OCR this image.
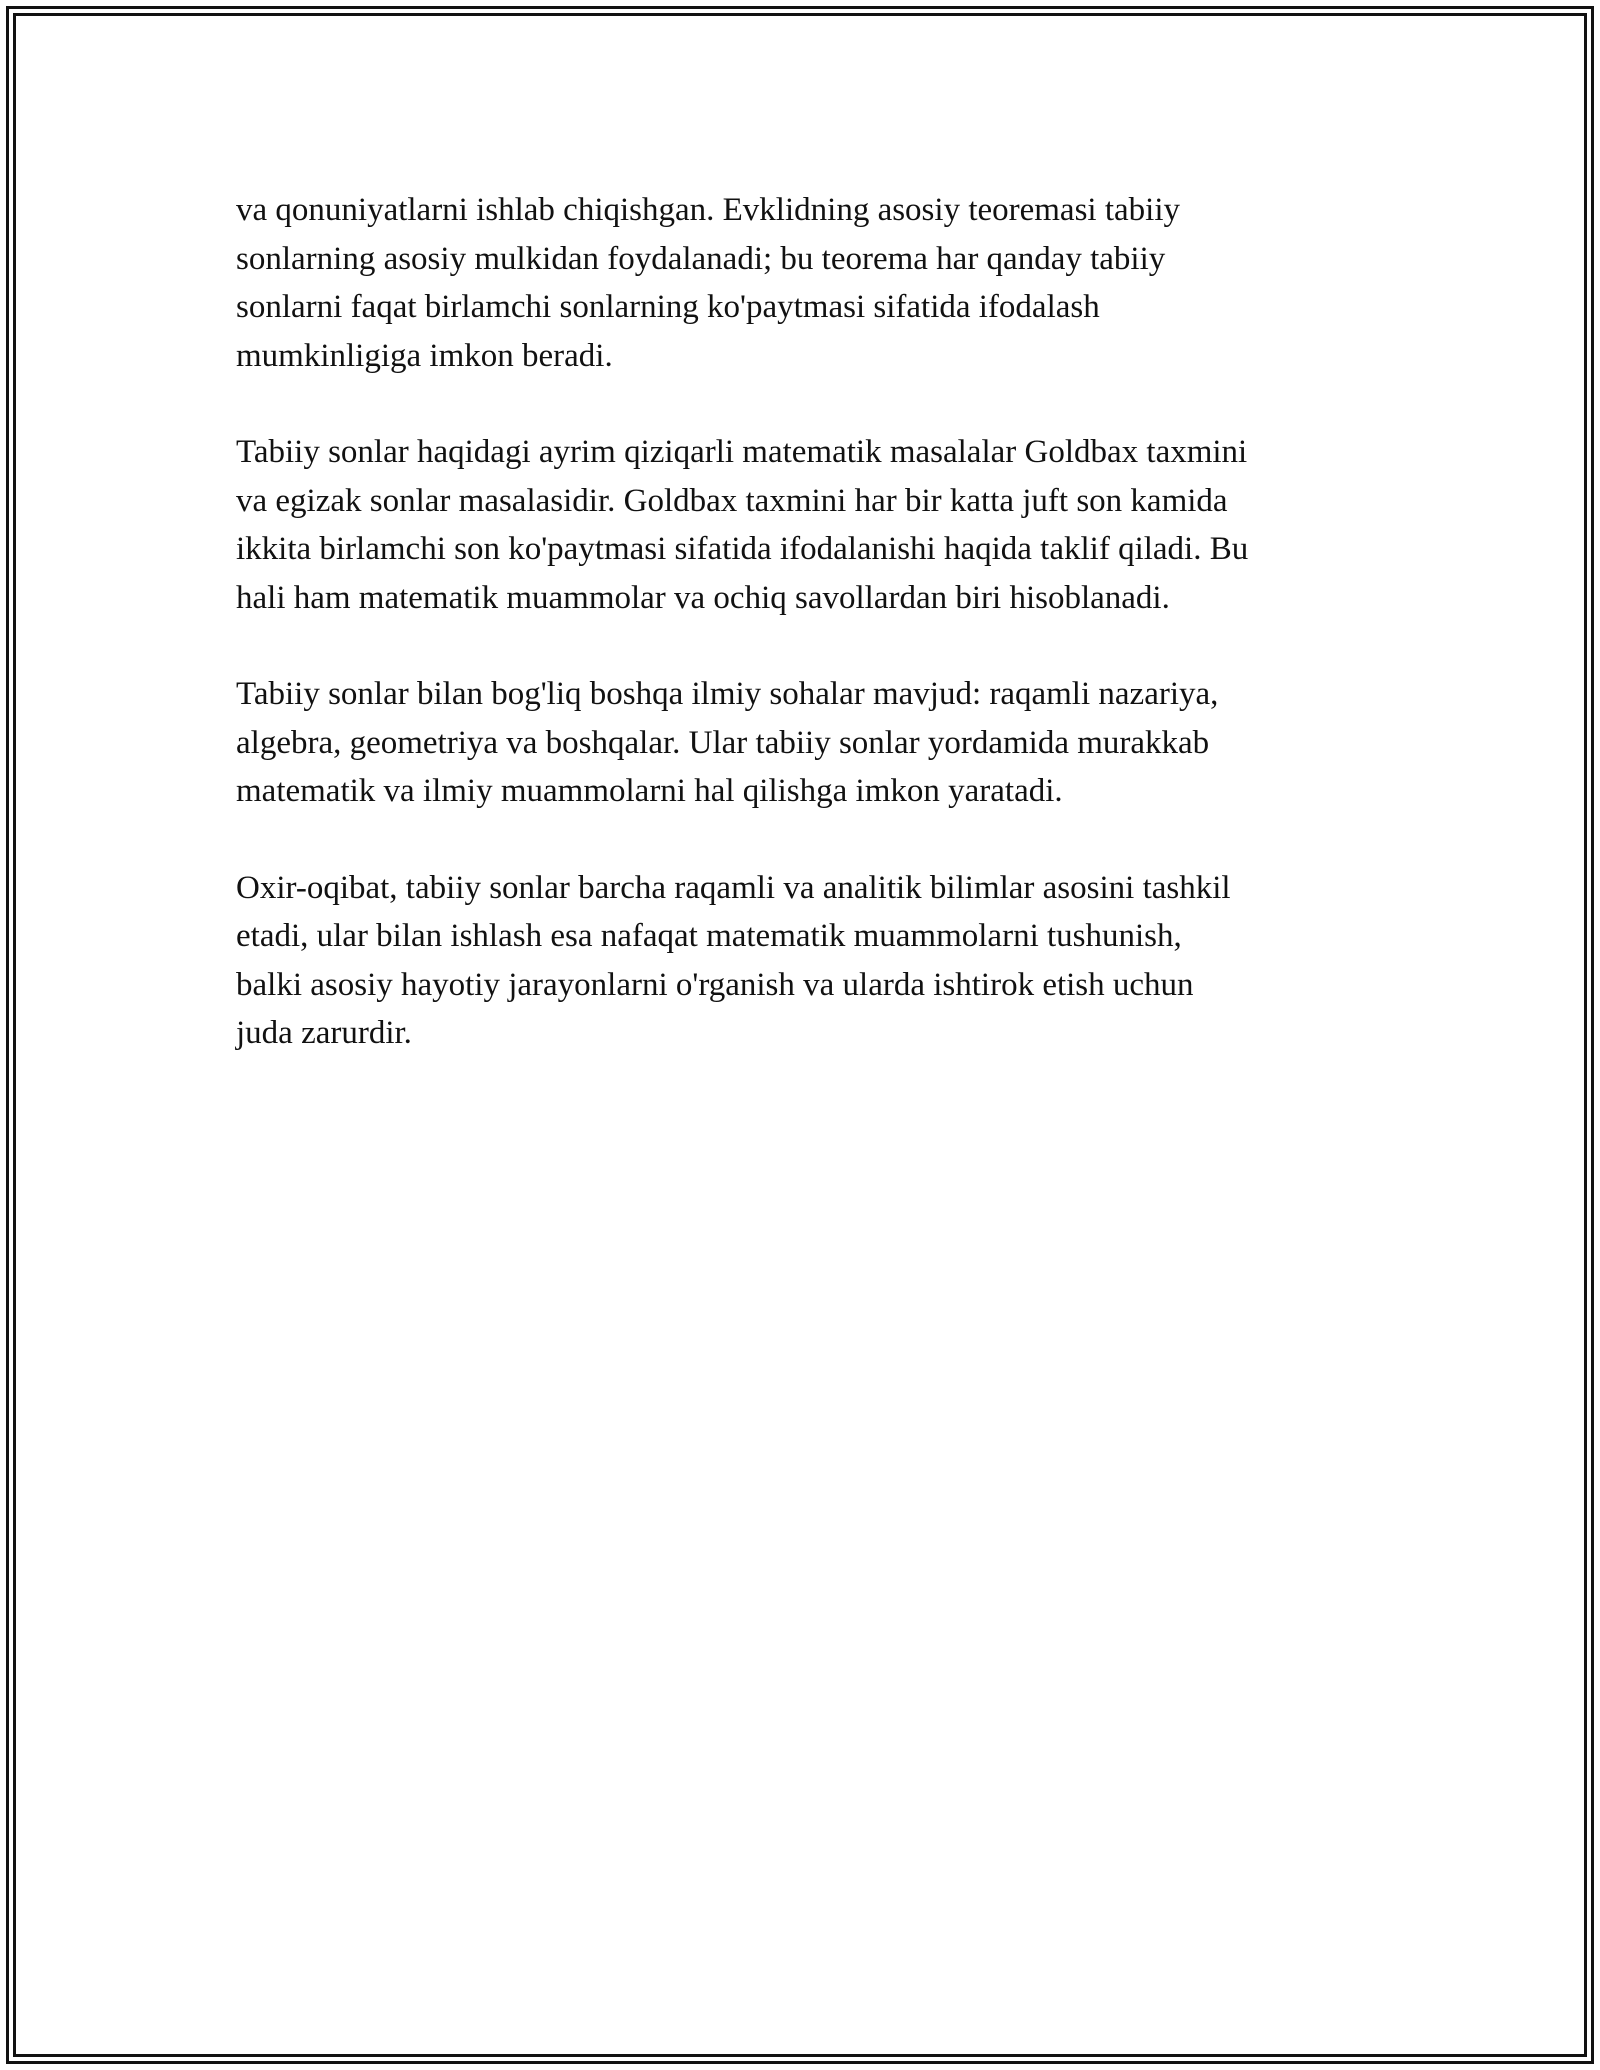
va qonuniyatlarni ishlab chiqishgan. Evklidning asosiy teoremasi tabiiy
sonlarning asosiy mulkidan foydalanadi; bu teorema har qanday tabiiy
sonlarni faqat birlamchi sonlarning ko'paytmasi sifatida ifodalash
mumkinligiga imkon beradi.

Tabiiy sonlar haqidagi ayrim qiziqarli matematik masalalar Goldbax taxmini
va egizak sonlar masalasidir. Goldbax taxmini har bir katta juft son kamida
ikkita birlamchi son ko'paytmasi sifatida ifodalanishi haqida taklif qiladi. Bu
hali ham matematik muammolar va ochiq savollardan biri hisoblanadi.

Tabiiy sonlar bilan bog'liq boshqa ilmiy sohalar mavjud: raqamli nazariya,
algebra, geometriya va boshqalar. Ular tabiiy sonlar yordamida murakkab
matematik va ilmiy muammolarni hal qilishga imkon yaratadi.

Oxir-oqibat, tabiiy sonlar barcha raqamli va analitik bilimlar asosini tashkil
etadi, ular bilan ishlash esa nafaqat matematik muammolarni tushunish,
balki asosiy hayotiy jarayonlarni o'rganish va ularda ishtirok etish uchun
juda zarurdir.
